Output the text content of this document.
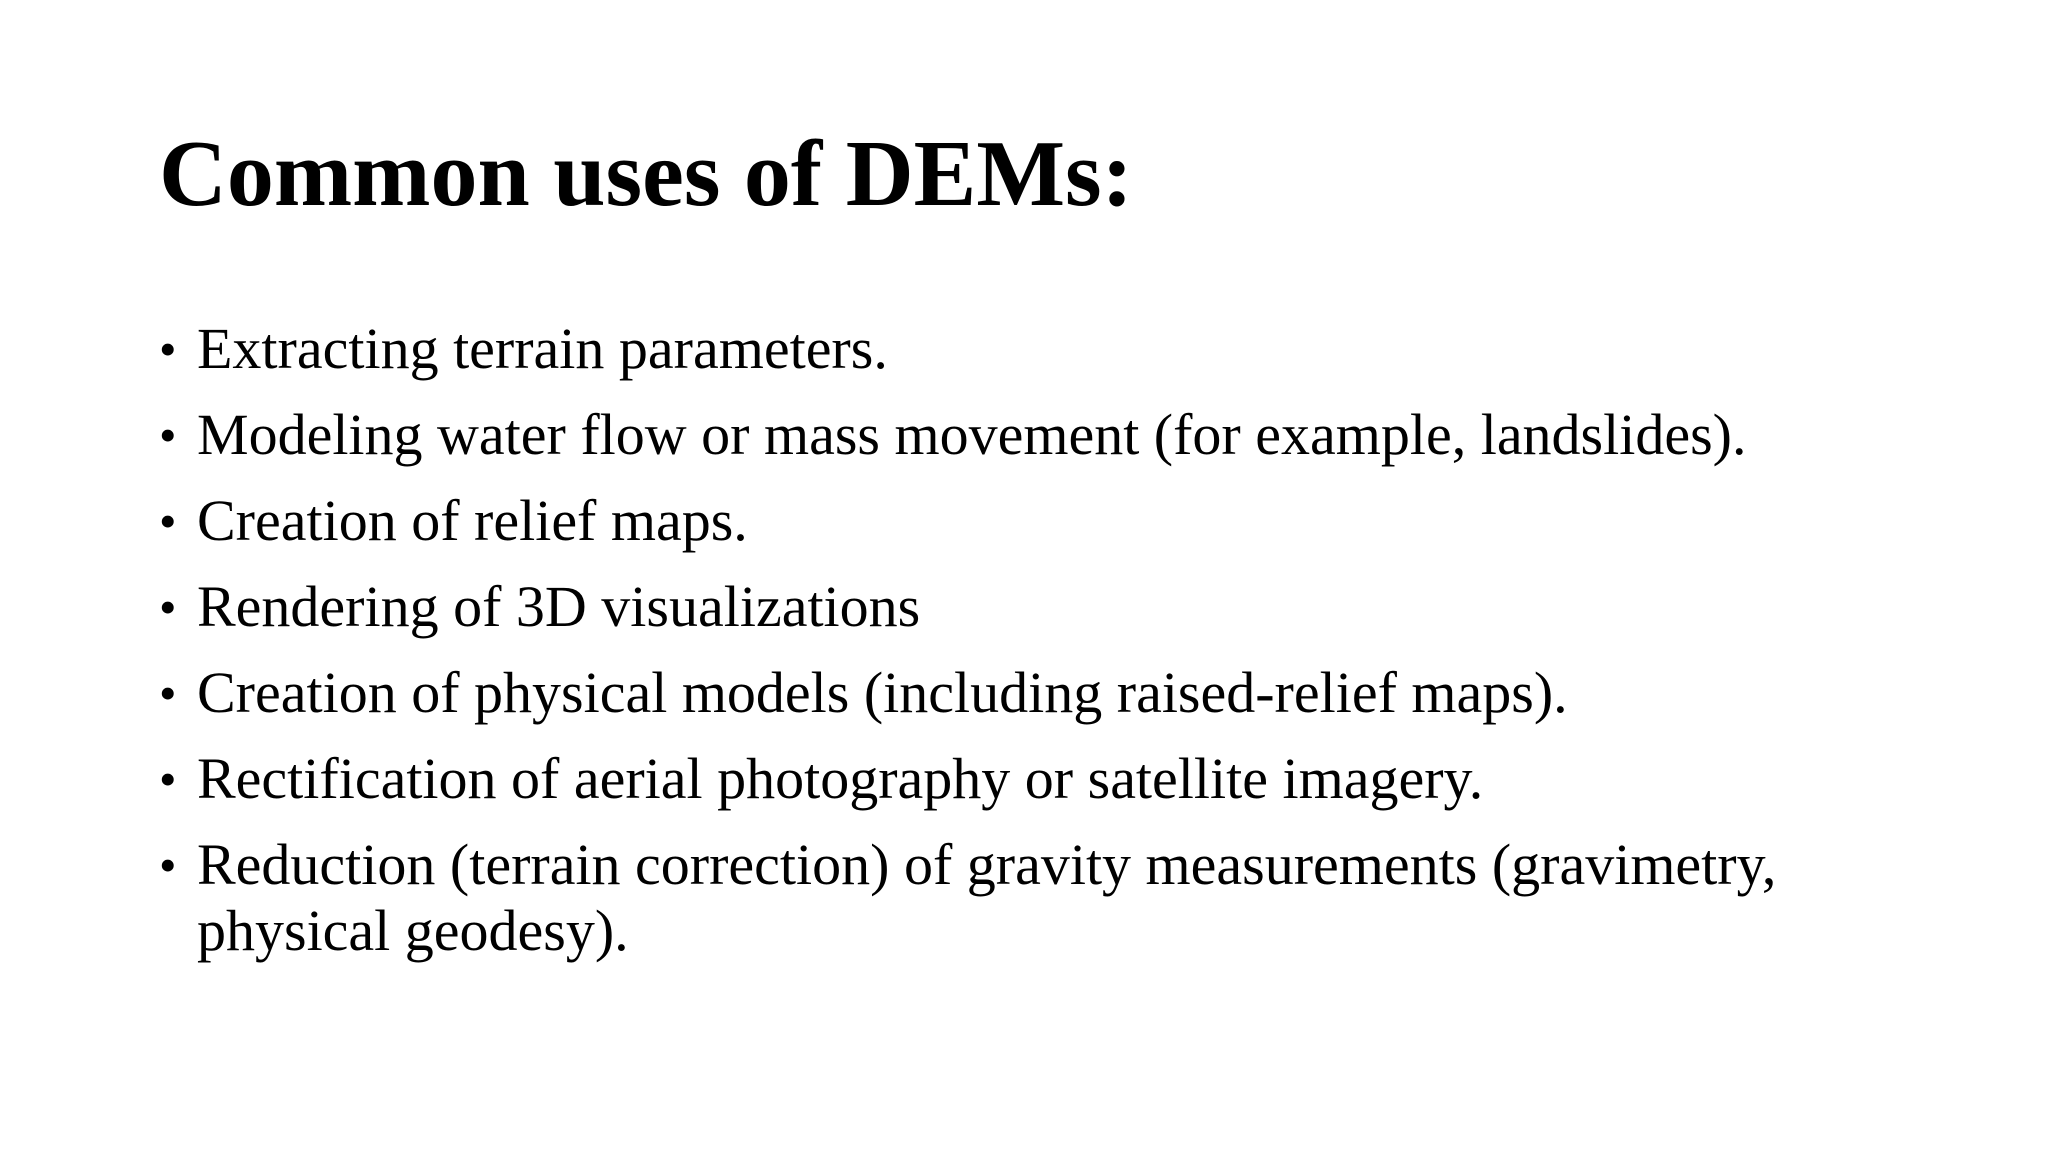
Common uses of DEMs:
• Extracting terrain parameters.
• Modeling water flow or mass movement (for example, landslides).
• Creation of relief maps.
• Rendering of 3D visualizations
• Creation of physical models (including raised-relief maps).
• Rectification of aerial photography or satellite imagery.
• Reduction (terrain correction) of gravity measurements (gravimetry, physical geodesy).
